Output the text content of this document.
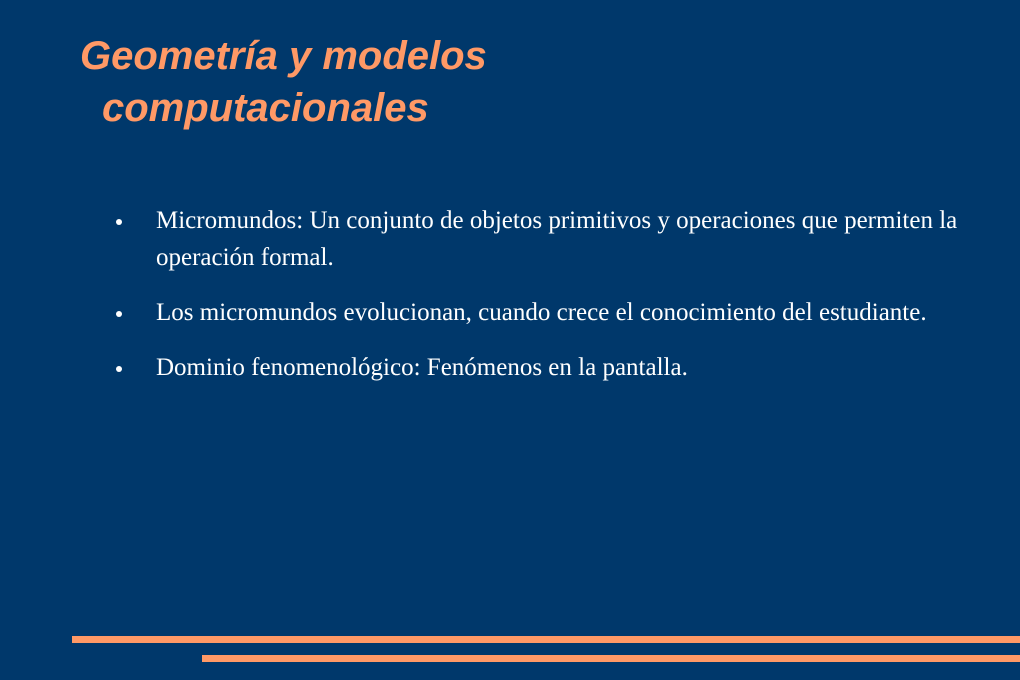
Geometría y modelos
computacionales
Micromundos: Un conjunto de objetos primitivos y operaciones que permiten la operación formal.
Los micromundos evolucionan, cuando crece el conocimiento del estudiante.
Dominio fenomenológico: Fenómenos en la pantalla.
